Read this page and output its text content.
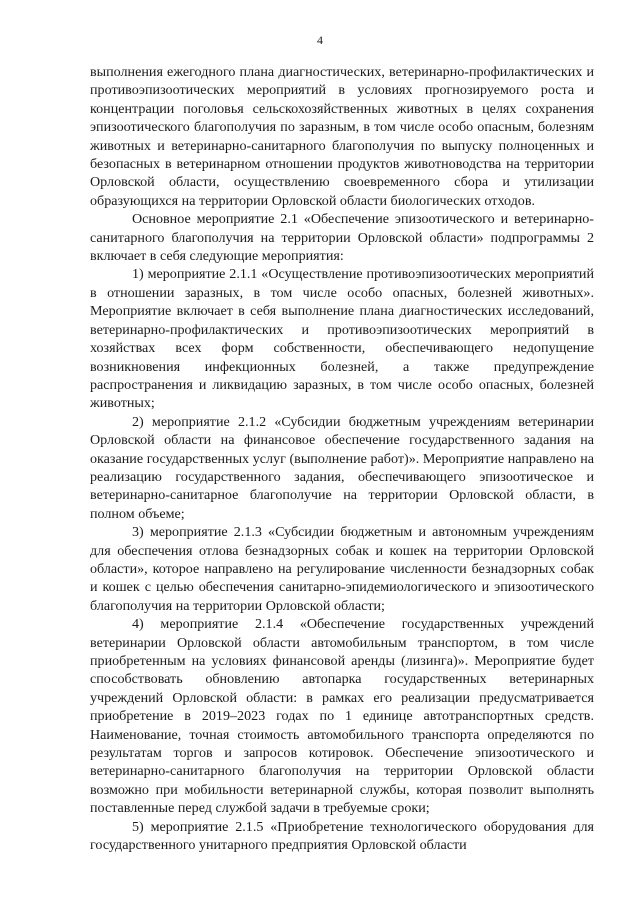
4

выполнения ежегодного плана диагностических, ветеринарно-профилактических и противоэпизоотических мероприятий в условиях прогнозируемого роста и концентрации поголовья сельскохозяйственных животных в целях сохранения эпизоотического благополучия по заразным, в том числе особо опасным, болезням животных и ветеринарно-санитарного благополучия по выпуску полноценных и безопасных в ветеринарном отношении продуктов животноводства на территории Орловской области, осуществлению своевременного сбора и утилизации образующихся на территории Орловской области биологических отходов.

Основное мероприятие 2.1 «Обеспечение эпизоотического и ветеринарно-санитарного благополучия на территории Орловской области» подпрограммы 2 включает в себя следующие мероприятия:

1) мероприятие 2.1.1 «Осуществление противоэпизоотических мероприятий в отношении заразных, в том числе особо опасных, болезней животных». Мероприятие включает в себя выполнение плана диагностических исследований, ветеринарно-профилактических и противоэпизоотических мероприятий в хозяйствах всех форм собственности, обеспечивающего недопущение возникновения инфекционных болезней, а также предупреждение распространения и ликвидацию заразных, в том числе особо опасных, болезней животных;

2) мероприятие 2.1.2 «Субсидии бюджетным учреждениям ветеринарии Орловской области на финансовое обеспечение государственного задания на оказание государственных услуг (выполнение работ)». Мероприятие направлено на реализацию государственного задания, обеспечивающего эпизоотическое и ветеринарно-санитарное благополучие на территории Орловской области, в полном объеме;

3) мероприятие 2.1.3 «Субсидии бюджетным и автономным учреждениям для обеспечения отлова безнадзорных собак и кошек на территории Орловской области», которое направлено на регулирование численности безнадзорных собак и кошек с целью обеспечения санитарно-эпидемиологического и эпизоотического благополучия на территории Орловской области;

4) мероприятие 2.1.4 «Обеспечение государственных учреждений ветеринарии Орловской области автомобильным транспортом, в том числе приобретенным на условиях финансовой аренды (лизинга)». Мероприятие будет способствовать обновлению автопарка государственных ветеринарных учреждений Орловской области: в рамках его реализации предусматривается приобретение в 2019–2023 годах по 1 единице автотранспортных средств. Наименование, точная стоимость автомобильного транспорта определяются по результатам торгов и запросов котировок. Обеспечение эпизоотического и ветеринарно-санитарного благополучия на территории Орловской области возможно при мобильности ветеринарной службы, которая позволит выполнять поставленные перед службой задачи в требуемые сроки;

5) мероприятие 2.1.5 «Приобретение технологического оборудования для государственного унитарного предприятия Орловской области
